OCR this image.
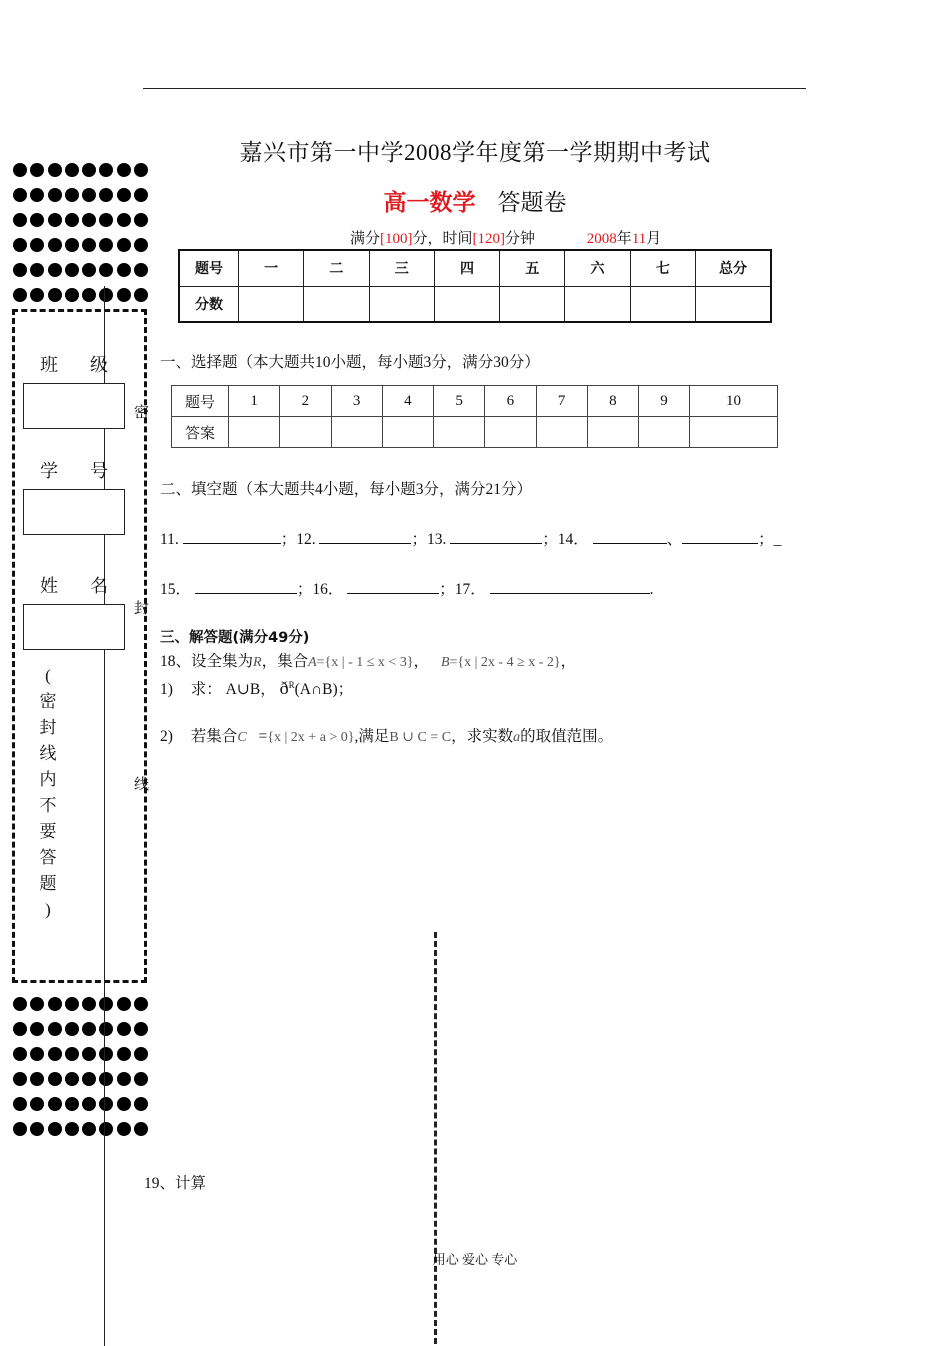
嘉兴市第一中学2008学年度第一学期期中考试
高一数学 答题卷
满分[100]分，时间[120]分钟	2008年11月
题号	一	二	三	四	五	六	七	总分
分数								
一、选择题（本大题共10小题，每小题3分，满分30分）
题号	1	2	3	4	5	6	7	8	9	10
答案										
二、填空题（本大题共4小题，每小题3分，满分21分）
11.	；12.	；13.	；14．	、	；_
15．	；16．	；17．	.
三、解答题(满分49分)
18、设全集为R，集合A={x | - 1 ≤ x < 3}， B={x | 2x - 4 ≥ x - 2}，
1) 求： A∪B， $ð^R(A\cap B)$；
2) 若集合C ={x | 2x + a > 0},满足B ∪ C = C，求实数a的取值范围。
19、计算
班级
学号
姓名
(
密
封
线
内
不
要
答
题
)
密
封
线
用心 爱心 专心
